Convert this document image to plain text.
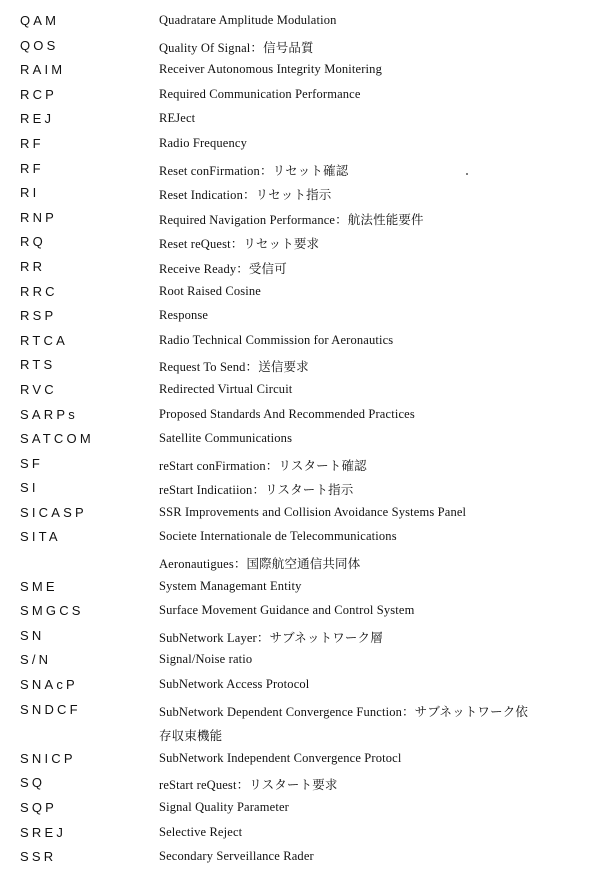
QAM	Quadratare Amplitude Modulation
QOS	Quality Of Signal：信号品質
RAIM	Receiver Autonomous Integrity Monitering
RCP	Required Communication Performance
REJ	REJect
RF	Radio Frequency
RF	Reset conFirmation：リセット確認
RI	Reset Indication：リセット指示
RNP	Required Navigation Performance：航法性能要件
RQ	Reset reQuest：リセット要求
RR	Receive Ready：受信可
RRC	Root Raised Cosine
RSP	Response
RTCA	Radio Technical Commission for Aeronautics
RTS	Request To Send：送信要求
RVC	Redirected Virtual Circuit
SARPs	Proposed Standards And Recommended Practices
SATCOM	Satellite Communications
SF	reStart conFirmation：リスタート確認
SI	reStart Indicatiion：リスタート指示
SICASP	SSR Improvements and Collision Avoidance Systems Panel
SITA	Societe Internationale de Telecommunications
Aeronautigues：国際航空通信共同体
SME	System Managemant Entity
SMGCS	Surface Movement Guidance and Control System
SN	SubNetwork Layer：サブネットワーク層
S/N	Signal/Noise ratio
SNAcP	SubNetwork Access Protocol
SNDCF	SubNetwork Dependent Convergence Function：サブネットワーク依
存収束機能
SNICP	SubNetwork Independent Convergence Protocl
SQ	reStart reQuest：リスタート要求
SQP	Signal Quality Parameter
SREJ	Selective Reject
SSR	Secondary Serveillance Rader
